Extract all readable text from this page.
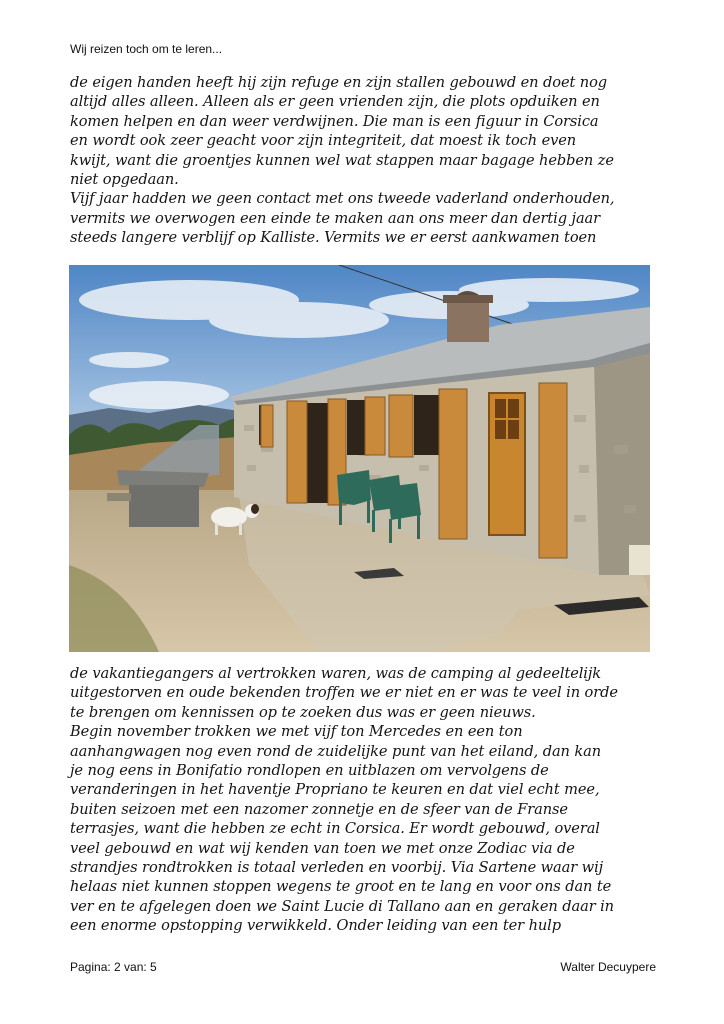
Wij reizen toch om te leren...
de eigen handen heeft hij zijn refuge en zijn stallen gebouwd en doet nog
altijd alles alleen. Alleen als er geen vrienden zijn, die plots opduiken en
komen helpen en dan weer verdwijnen. Die man is een figuur in Corsica
en wordt ook zeer geacht voor zijn integriteit, dat moest ik toch even
kwijt, want die groentjes kunnen wel wat stappen maar bagage hebben ze
niet opgedaan.
Vijf jaar hadden we geen contact met ons tweede vaderland onderhouden,
vermits we overwogen een einde te maken aan ons meer dan dertig jaar
steeds langere verblijf op Kalliste. Vermits we er eerst aankwamen toen
de vakantiegangers al vertrokken waren, was de camping al gedeeltelijk
uitgestorven en oude bekenden troffen we er niet en er was te veel in orde
te brengen om kennissen op te zoeken dus was er geen nieuws.
Begin november trokken we met vijf ton Mercedes en een ton
aanhangwagen nog even rond de zuidelijke punt van het eiland, dan kan
je nog eens in Bonifatio rondlopen en uitblazen om vervolgens de
veranderingen in het haventje Propriano te keuren en dat viel echt mee,
buiten seizoen met een nazomer zonnetje en de sfeer van de Franse
terrasjes, want die hebben ze echt in Corsica. Er wordt gebouwd, overal
veel gebouwd en wat wij kenden van toen we met onze Zodiac via de
strandjes rondtrokken is totaal verleden en voorbij. Via Sartene waar wij
helaas niet kunnen stoppen wegens te groot en te lang en voor ons dan te
ver en te afgelegen doen we Saint Lucie di Tallano aan en geraken daar in
een enorme opstopping verwikkeld. Onder leiding van een ter hulp
Pagina: 2 van: 5	Walter Decuypere
